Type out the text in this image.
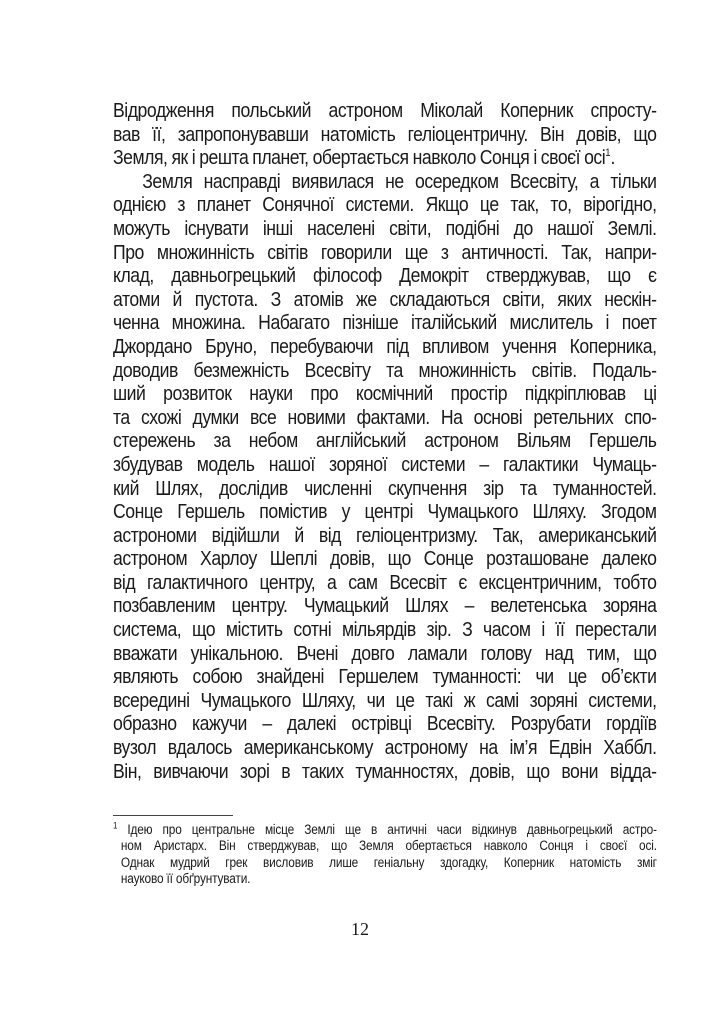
Відродження польський астроном Міколай Коперник спросту-
вав її, запропонувавши натомість геліоцентричну. Він довів, що
Земля, як і решта планет, обертається навколо Сонця і своєї осі$^1$.
Земля насправді виявилася не осередком Всесвіту, а тільки
однією з планет Сонячної системи. Якщо це так, то, вірогідно,
можуть існувати інші населені світи, подібні до нашої Землі.
Про множинність світів говорили ще з античності. Так, напри-
клад, давньогрецький філософ Демокріт стверджував, що є
атоми й пустота. З атомів же складаються світи, яких нескін-
ченна множина. Набагато пізніше італійський мислитель і поет
Джордано Бруно, перебуваючи під впливом учення Коперника,
доводив безмежність Всесвіту та множинність світів. Подаль-
ший розвиток науки про космічний простір підкріплював ці
та схожі думки все новими фактами. На основі ретельних спо-
стережень за небом англійський астроном Вільям Гершель
збудував модель нашої зоряної системи – галактики Чумаць-
кий Шлях, дослідив численні скупчення зір та туманностей.
Сонце Гершель помістив у центрі Чумацького Шляху. Згодом
астрономи відійшли й від геліоцентризму. Так, американський
астроном Харлоу Шеплі довів, що Сонце розташоване далеко
від галактичного центру, а сам Всесвіт є ексцентричним, тобто
позбавленим центру. Чумацький Шлях – велетенська зоряна
система, що містить сотні мільярдів зір. З часом і її перестали
вважати унікальною. Вчені довго ламали голову над тим, що
являють собою знайдені Гершелем туманності: чи це об’єкти
всередині Чумацького Шляху, чи це такі ж самі зоряні системи,
образно кажучи – далекі острівці Всесвіту. Розрубати гордіїв
вузол вдалось американському астроному на ім’я Едвін Хаббл.
Він, вивчаючи зорі в таких туманностях, довів, що вони відда-
$^1$ Ідею про центральне місце Землі ще в античні часи відкинув давньогрецький астро-
ном Аристарх. Він стверджував, що Земля обертається навколо Сонця і своєї осі.
Однак мудрий грек висловив лише геніальну здогадку, Коперник натомість зміг
науково її обґрунтувати.
12
